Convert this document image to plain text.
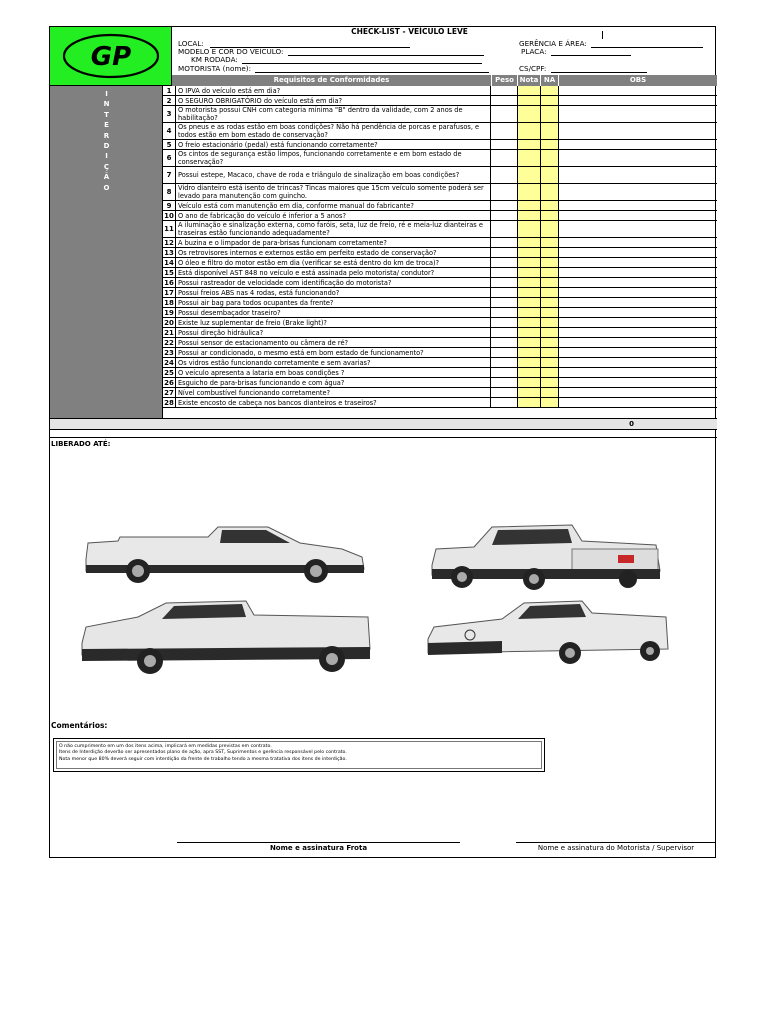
GP
CHECK-LIST - VEÍCULO LEVE
LOCAL:
MODELO E COR DO VEÍCULO:
KM RODADA:
MOTORISTA (nome):
GERÊNCIA E ÁREA:
PLACA:
CS/CPF:
Requisitos de Conformidades	Peso Nota NA	OBS
I
N
T
E
R
D
I
Ç
Ã
O
1 O IPVA do veículo está em dia?
2 O SEGURO OBRIGATÓRIO do veículo está em dia?
3 O motorista possui CNH com categoria mínima "B" dentro da validade, com 2 anos de habilitação?
4 Os pneus e as rodas estão em boas condições? Não há pendência de porcas e parafusos, e todos estão em bom estado de conservação?
5 O freio estacionário (pedal) está funcionando corretamente?
6 Os cintos de segurança estão limpos, funcionando corretamente e em bom estado de conservação?
7 Possui estepe, Macaco, chave de roda e triângulo de sinalização em boas condições?
8 Vidro dianteiro está isento de trincas? Tincas maiores que 15cm veículo somente poderá ser levado para manutenção com guincho.
9 Veículo está com manutenção em dia, conforme manual do fabricante?
10 O ano de fabricação do veículo é inferior a 5 anos?
11 A iluminação e sinalização externa, como faróis, seta, luz de freio, ré e meia-luz dianteiras e traseiras estão funcionando adequadamente?
12 A buzina e o limpador de para-brisas funcionam corretamente?
13 Os retrovisores internos e externos estão em perfeito estado de conservação?
14 O óleo e filtro do motor estão em dia (verificar se está dentro do km de troca)?
15 Está disponível AST 848 no veículo e está assinada pelo motorista/ condutor?
16 Possui rastreador de velocidade com identificação do motorista?
17 Possui freios ABS nas 4 rodas, está funcionando?
18 Possui air bag para todos ocupantes da frente?
19 Possui desembaçador traseiro?
20 Existe luz suplementar de freio (Brake light)?
21 Possui direção hidráulica?
22 Possui sensor de estacionamento ou câmera de ré?
23 Possui ar condicionado, o mesmo está em bom estado de funcionamento?
24 Os vidros estão funcionando corretamente e sem avarias?
25 O veículo apresenta a lataria em boas condições ?
26 Esguicho de para-brisas funcionando e com água?
27 Nível combustível funcionando corretamente?
28 Existe encosto de cabeça nos bancos dianteiros e traseiros?
0
LIBERADO ATÉ:
Comentários:
O não cumprimento em um dos itens acima, implicará em medidas previstas em contrato.
Itens de Interdição deverão ser apresentados plano de ação, apra SST, Suprimentos e gerência responsável pelo contrato.
Nota menor que 80% deverá seguir com interdição da frente de trabalho tendo a mesma tratativa dos itens de interdição.
Nome e assinatura Frota	Nome e assinatura do Motorista / Supervisor
